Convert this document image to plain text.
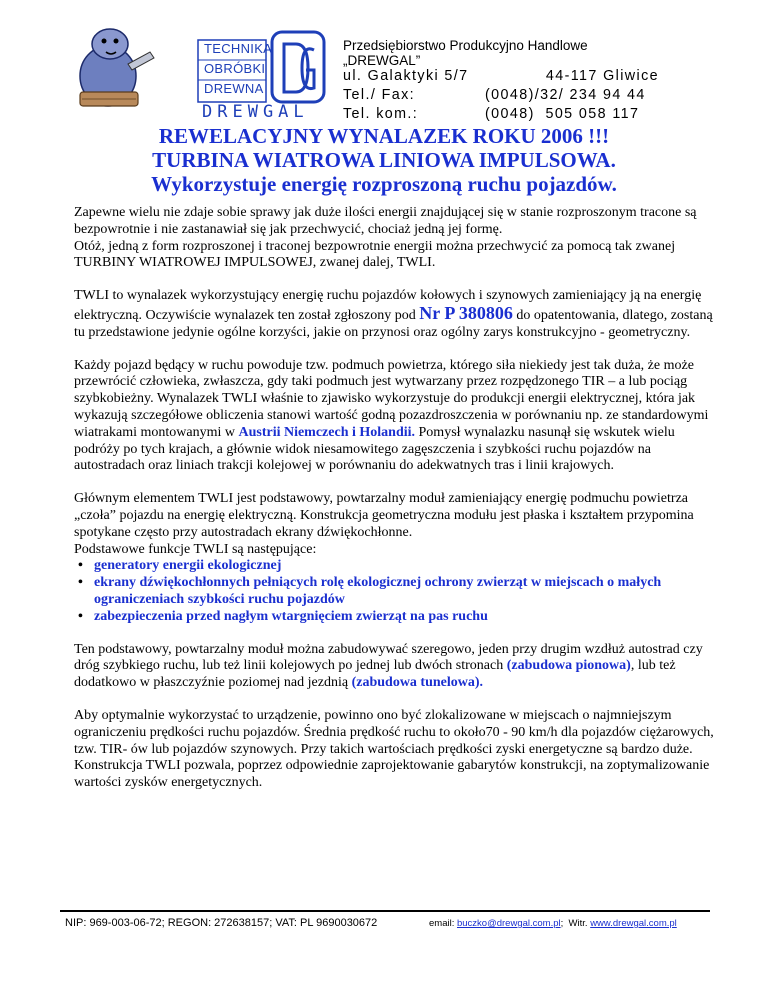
TECHNIKA
OBRÓBKI
DREWNA
DREWGAL
Przedsiębiorstwo Produkcyjno Handlowe „DREWGAL”
ul. Galaktyki 5/7	44-117 Gliwice
Tel./ Fax:	(0048)/32/ 234 94 44
Tel. kom.:	(0048)  505 058 117
REWELACYJNY WYNALAZEK ROKU 2006 !!!
TURBINA WIATROWA LINIOWA IMPULSOWA.
Wykorzystuje energię rozproszoną ruchu pojazdów.

Zapewne wielu nie zdaje sobie sprawy jak duże ilości energii znajdującej się w stanie rozproszonym tracone są bezpowrotnie i nie zastanawiał się jak przechwycić, chociaż jedną jej formę.
Otóż, jedną z form rozproszonej i traconej bezpowrotnie energii można przechwycić za pomocą tak zwanej TURBINY WIATROWEJ IMPULSOWEJ, zwanej dalej, TWLI.

TWLI to wynalazek wykorzystujący energię ruchu pojazdów kołowych i szynowych zamieniający ją na energię elektryczną. Oczywiście wynalazek ten został zgłoszony pod Nr P 380806 do opatentowania, dlatego, zostaną tu przedstawione jedynie ogólne korzyści, jakie on przynosi oraz ogólny zarys konstrukcyjno - geometryczny.

Każdy pojazd będący w ruchu powoduje tzw. podmuch powietrza, którego siła niekiedy jest tak duża, że może przewrócić człowieka, zwłaszcza, gdy taki podmuch jest wytwarzany przez rozpędzonego TIR – a lub pociąg szybkobieżny. Wynalazek TWLI właśnie to zjawisko wykorzystuje do produkcji energii elektrycznej, która jak wykazują szczegółowe obliczenia stanowi wartość godną pozazdroszczenia w porównaniu np. ze standardowymi wiatrakami montowanymi w Austrii Niemczech i Holandii. Pomysł wynalazku nasunął się wskutek wielu podróży po tych krajach, a głównie widok niesamowitego zagęszczenia i szybkości ruchu pojazdów na autostradach oraz liniach trakcji kolejowej w porównaniu do adekwatnych tras i linii krajowych.

Głównym elementem TWLI jest podstawowy, powtarzalny moduł zamieniający energię podmuchu powietrza „czoła” pojazdu na energię elektryczną. Konstrukcja geometryczna modułu jest płaska i kształtem przypomina spotykane często przy autostradach ekrany dźwiękochłonne.
Podstawowe funkcje TWLI są następujące:

• generatory energii ekologicznej
• ekrany dźwiękochłonnych pełniących rolę ekologicznej ochrony zwierząt w miejscach o małych ograniczeniach szybkości ruchu pojazdów
• zabezpieczenia przed nagłym wtargnięciem zwierząt na pas ruchu

Ten podstawowy, powtarzalny moduł można zabudowywać szeregowo, jeden przy drugim wzdłuż autostrad czy dróg szybkiego ruchu, lub też linii kolejowych po jednej lub dwóch stronach (zabudowa pionowa), lub też dodatkowo w płaszczyźnie poziomej nad jezdnią (zabudowa tunelowa).

Aby optymalnie wykorzystać to urządzenie, powinno ono być zlokalizowane w miejscach o najmniejszym ograniczeniu prędkości ruchu pojazdów. Średnia prędkość ruchu to około70 - 90 km/h dla pojazdów ciężarowych, tzw. TIR- ów lub pojazdów szynowych. Przy takich wartościach prędkości zyski energetyczne są bardzo duże. Konstrukcja TWLI pozwala, poprzez odpowiednie zaprojektowanie gabarytów konstrukcji, na zoptymalizowanie wartości zysków energetycznych.

NIP: 969-003-06-72; REGON: 272638157; VAT: PL 9690030672	email: buczko@drewgal.com.pl;  Witr. www.drewgal.com.pl
